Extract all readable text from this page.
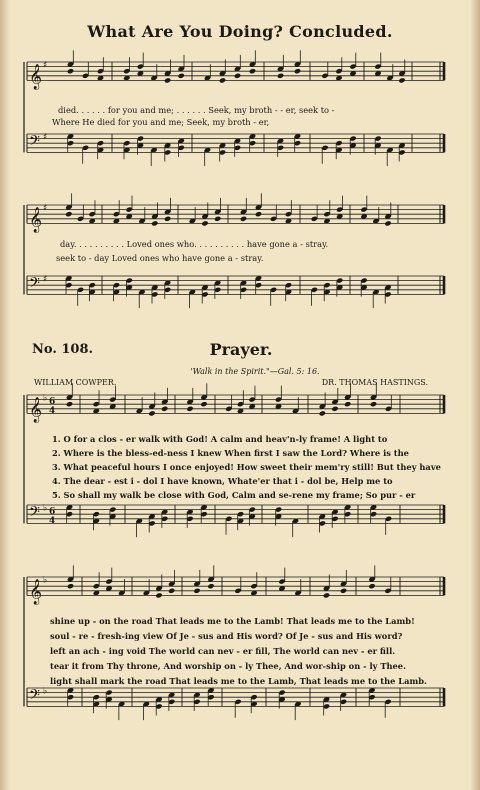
𝄞 ♯
𝄢 ♯
𝄞 ♯
𝄢 ♯
𝄞 ♭
𝄢 ♭
𝄞 ♭
𝄢 ♭
6
4
6
4
What Are You Doing? Concluded.
died. . . . . . for you and me; . . . . . . Seek, my broth - - er, seek to -
Where He died for you and me; Seek, my broth - er,
day. . . . . . . . . . Loved ones who. . . . . . . . . . have gone a - stray.
seek to - day Loved ones who have gone a - stray.
No. 108.	Prayer.
'Walk in the Spirit."—Gal. 5: 16.
WILLIAM COWPER.	DR. THOMAS HASTINGS.
1. O for a clos - er walk with God! A calm and heav'n-ly frame! A light to
2. Where is the bless-ed-ness I knew When first I saw the Lord? Where is the
3. What peaceful hours I once enjoyed! How sweet their mem'ry still! But they have
4. The dear - est i - dol I have known, Whate'er that i - dol be, Help me to
5. So shall my walk be close with God, Calm and se-rene my frame; So pur - er
shine up - on the road That leads me to the Lamb! That leads me to the Lamb!
soul - re - fresh-ing view Of Je - sus and His word? Of Je - sus and His word?
left an ach - ing void The world can nev - er fill, The world can nev - er fill.
tear it from Thy throne, And worship on - ly Thee, And wor-ship on - ly Thee.
light shall mark the road That leads me to the Lamb, That leads me to the Lamb.
